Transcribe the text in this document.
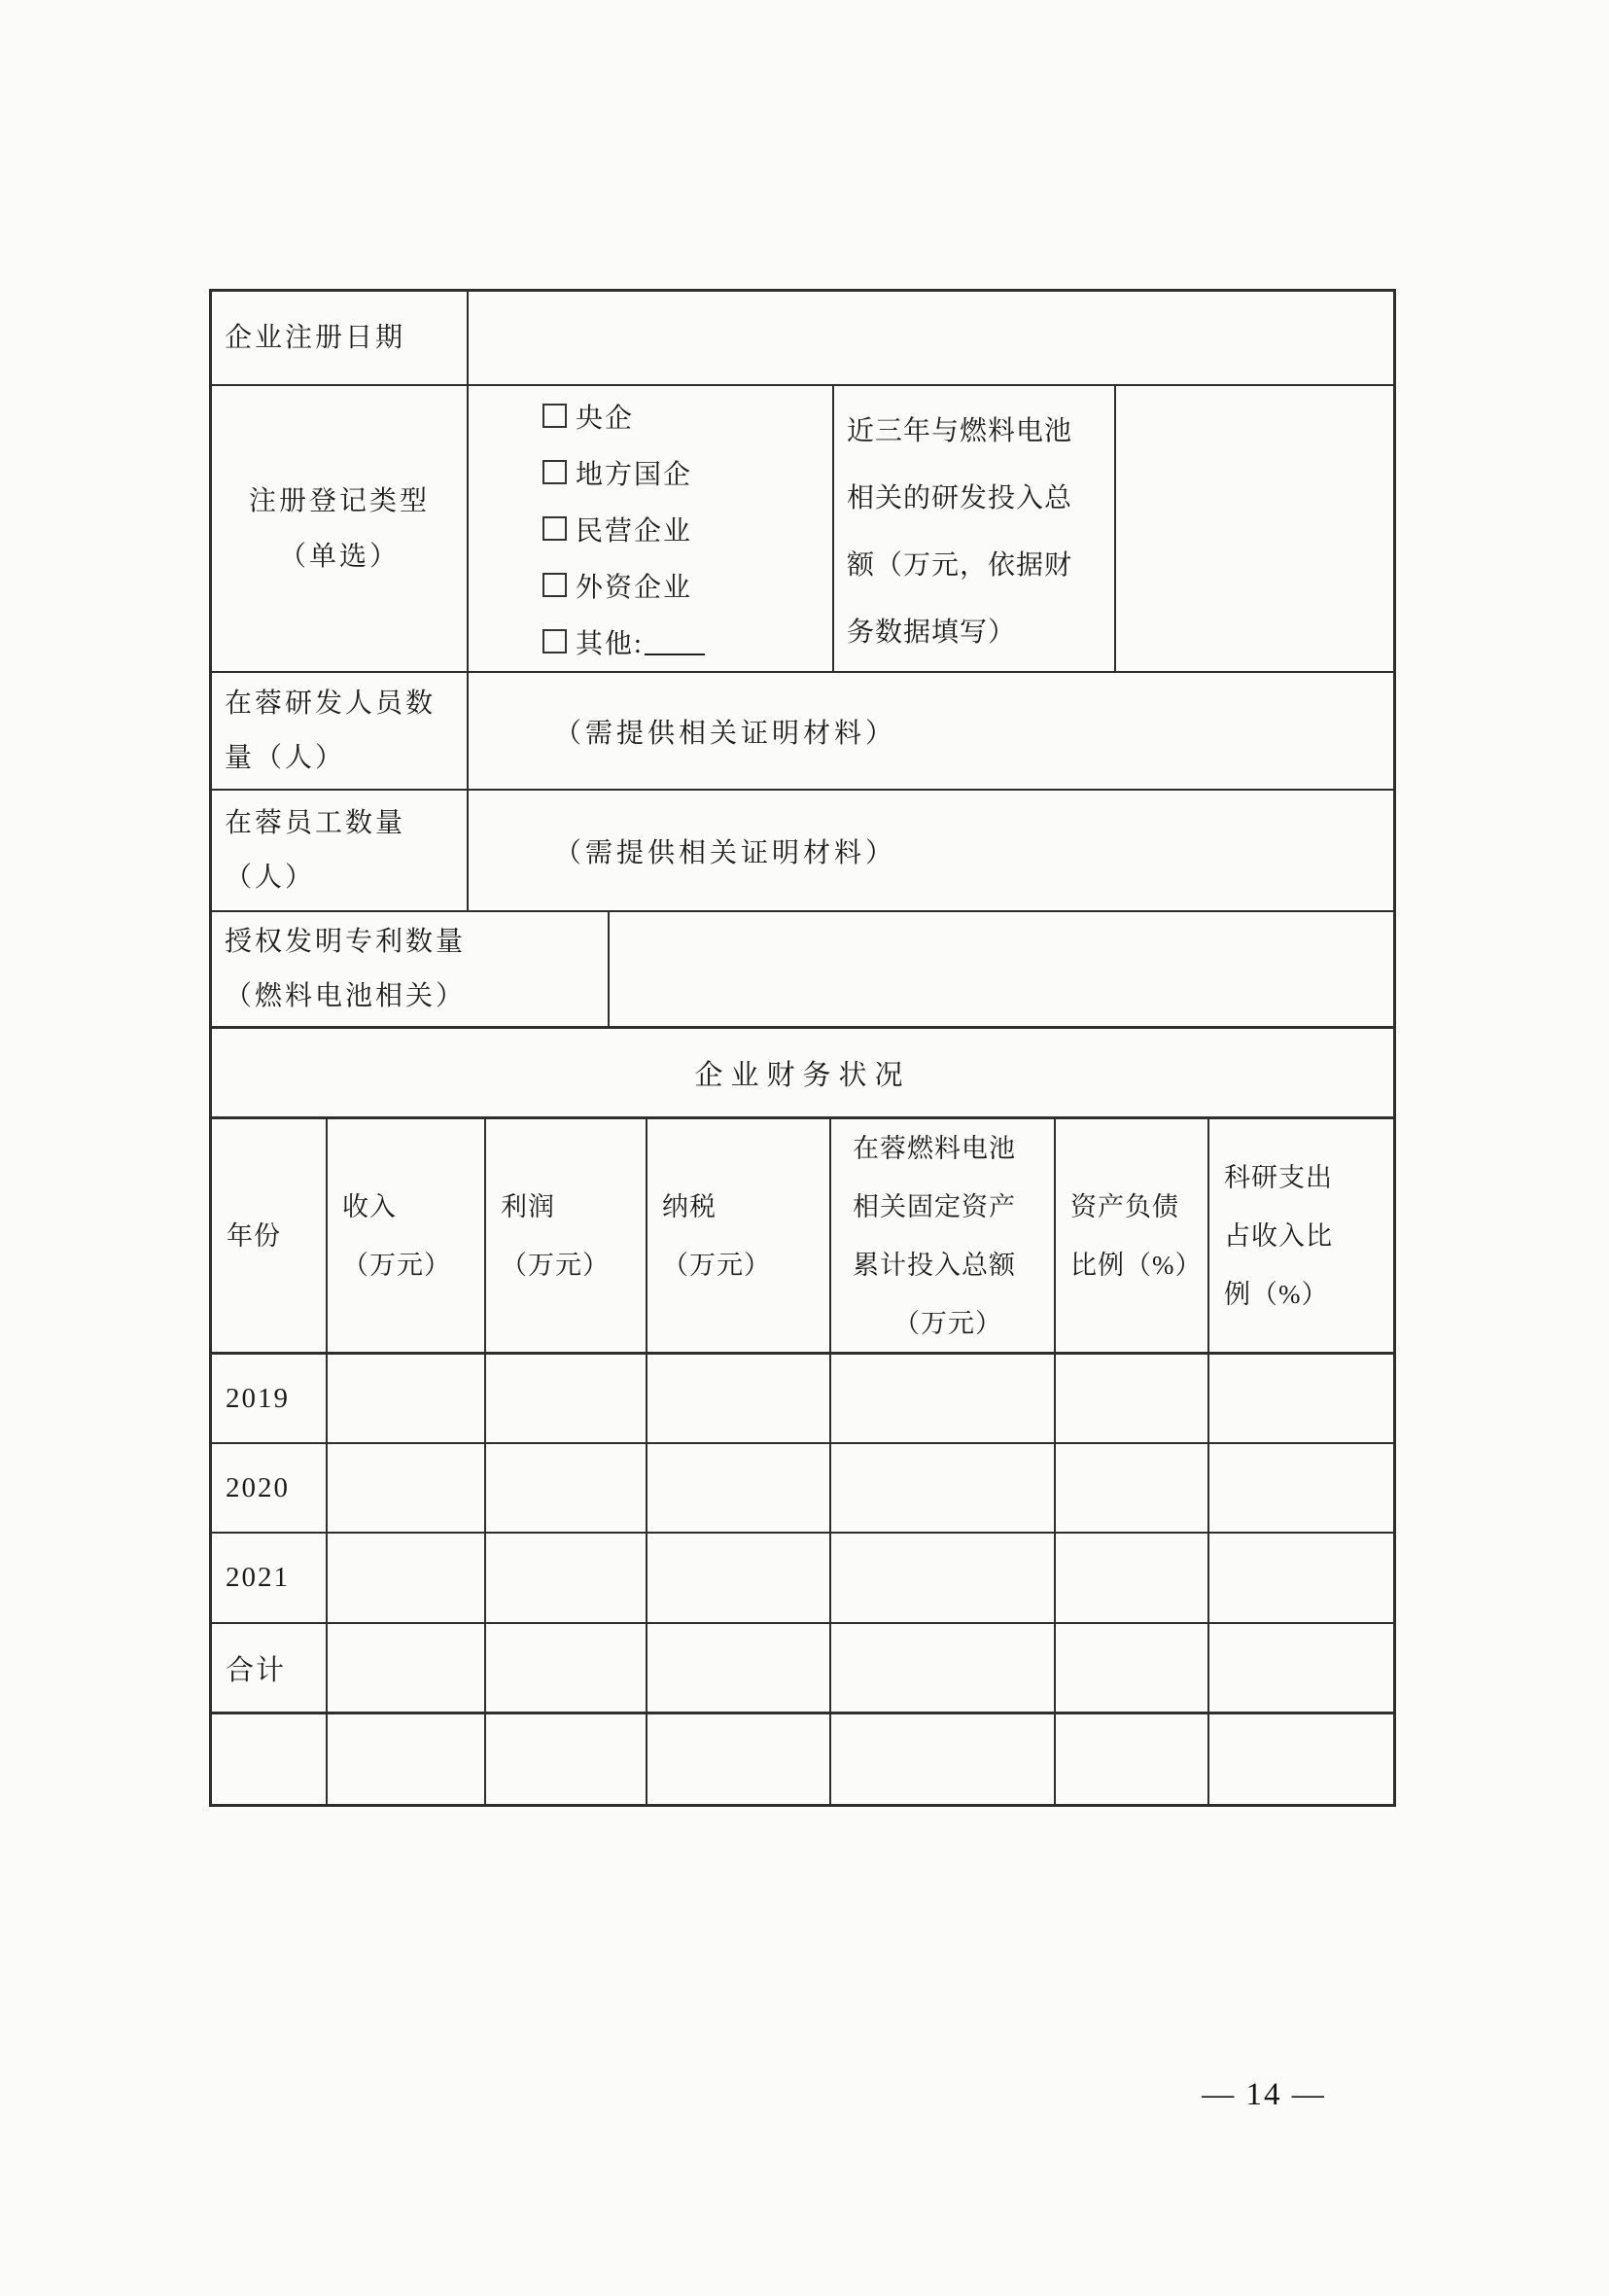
企业注册日期
注册登记类型
（单选）
央企
地方国企
民营企业
外资企业
其他:
近三年与燃料电池
相关的研发投入总
额（万元，依据财
务数据填写）
在蓉研发人员数
量（人）
（需提供相关证明材料）
在蓉员工数量
（人）
（需提供相关证明材料）
授权发明专利数量
（燃料电池相关）
企业财务状况
年份
收入
（万元）
利润
（万元）
纳税
（万元）
在蓉燃料电池
相关固定资产
累计投入总额
（万元）
资产负债
比例（%）
科研支出
占收入比
例（%）
2019
2020
2021
合计
— 14 —
